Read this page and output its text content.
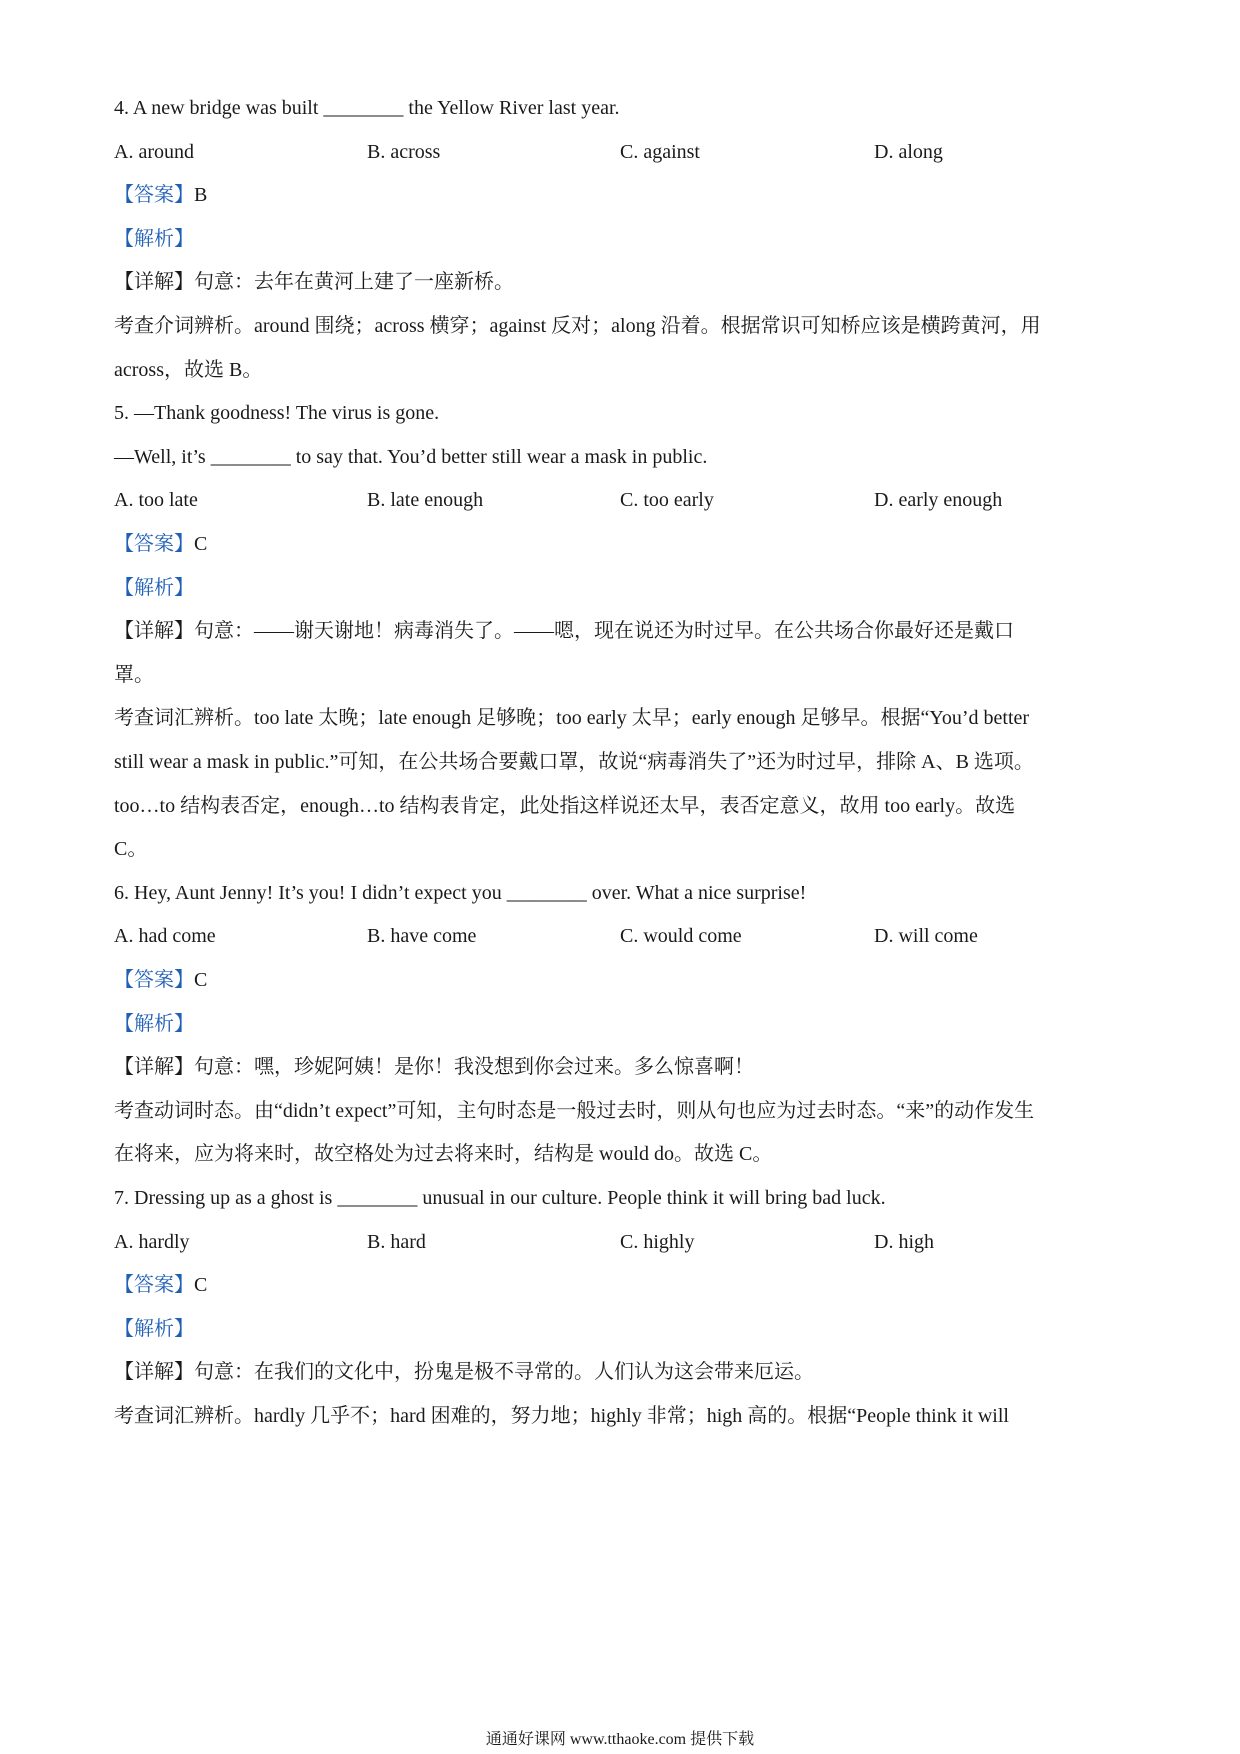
4. A new bridge was built ________ the Yellow River last year.
A. around	B. across	C. against	D. along
【答案】B
【解析】
【详解】句意：去年在黄河上建了一座新桥。
考查介词辨析。around 围绕；across 横穿；against 反对；along 沿着。根据常识可知桥应该是横跨黄河，用
across，故选 B。
5. —Thank goodness! The virus is gone.
—Well, it’s ________ to say that. You’d better still wear a mask in public.
A. too late	B. late enough	C. too early	D. early enough
【答案】C
【解析】
【详解】句意：——谢天谢地！病毒消失了。——嗯，现在说还为时过早。在公共场合你最好还是戴口
罩。
考查词汇辨析。too late 太晚；late enough 足够晚；too early 太早；early enough 足够早。根据“You’d better
still wear a mask in public.”可知，在公共场合要戴口罩，故说“病毒消失了”还为时过早，排除 A、B 选项。
too…to 结构表否定，enough…to 结构表肯定，此处指这样说还太早，表否定意义，故用 too early。故选
C。
6. Hey, Aunt Jenny! It’s you! I didn’t expect you ________ over. What a nice surprise!
A. had come	B. have come	C. would come	D. will come
【答案】C
【解析】
【详解】句意：嘿，珍妮阿姨！是你！我没想到你会过来。多么惊喜啊！
考查动词时态。由“didn’t expect”可知，主句时态是一般过去时，则从句也应为过去时态。“来”的动作发生
在将来，应为将来时，故空格处为过去将来时，结构是 would do。故选 C。
7. Dressing up as a ghost is ________ unusual in our culture. People think it will bring bad luck.
A. hardly	B. hard	C. highly	D. high
【答案】C
【解析】
【详解】句意：在我们的文化中，扮鬼是极不寻常的。人们认为这会带来厄运。
考查词汇辨析。hardly 几乎不；hard 困难的，努力地；highly 非常；high 高的。根据“People think it will
通通好课网 www.tthaoke.com 提供下载
